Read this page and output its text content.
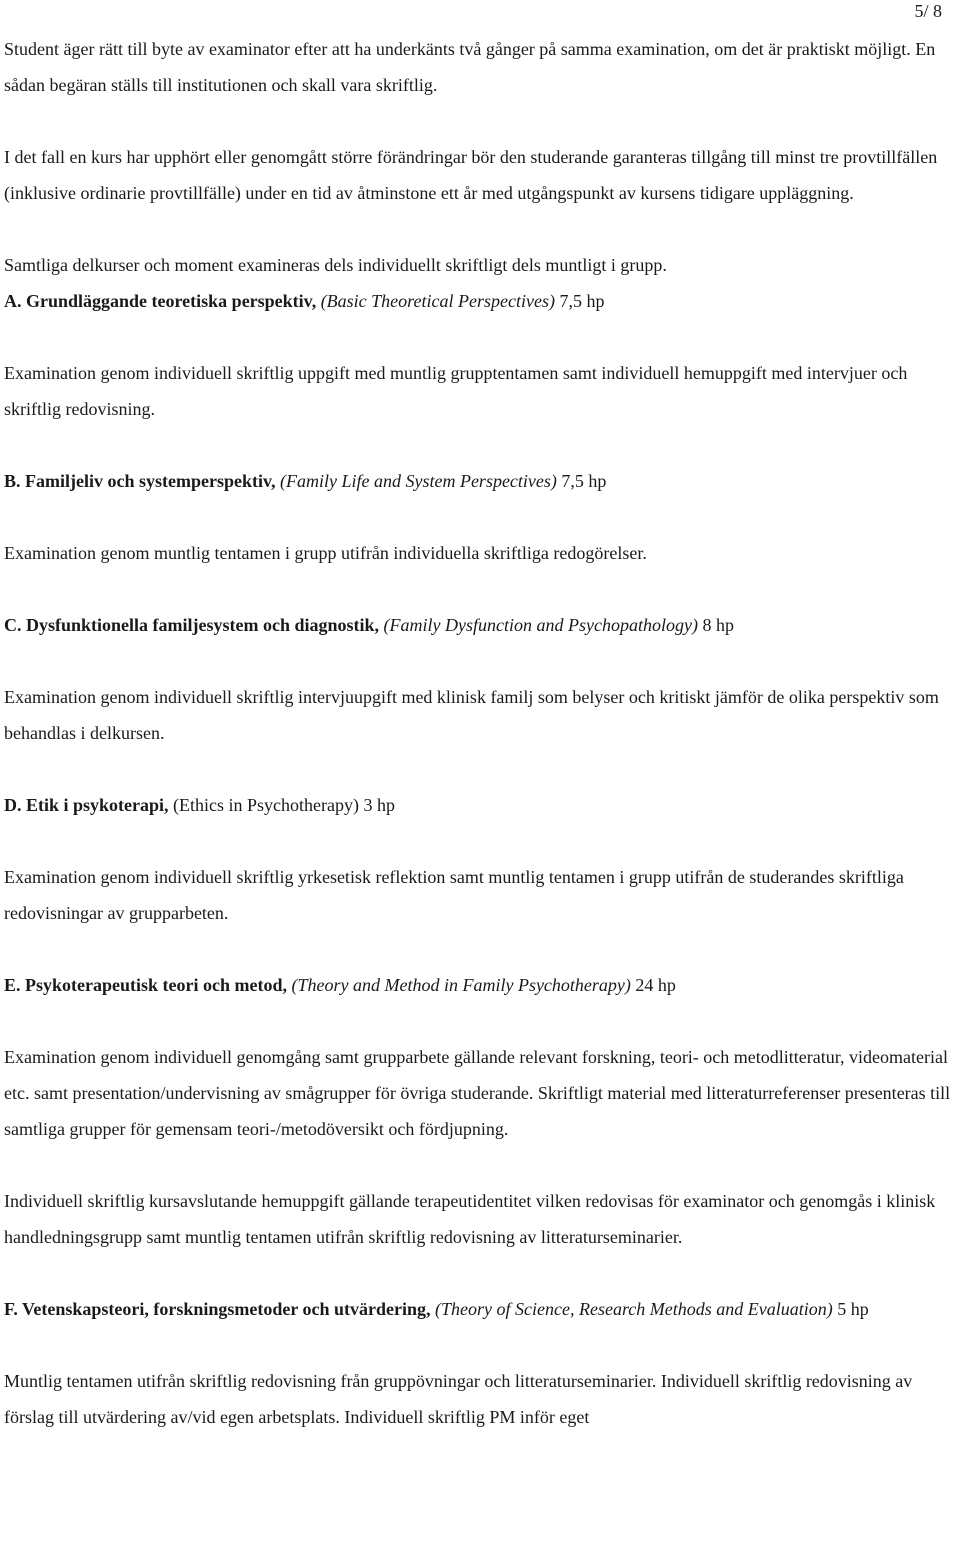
5/ 8

Student äger rätt till byte av examinator efter att ha underkänts två gånger på samma examination, om det är praktiskt möjligt. En sådan begäran ställs till institutionen och skall vara skriftlig.

I det fall en kurs har upphört eller genomgått större förändringar bör den studerande garanteras tillgång till minst tre provtillfällen (inklusive ordinarie provtillfälle) under en tid av åtminstone ett år med utgångspunkt av kursens tidigare uppläggning.

Samtliga delkurser och moment examineras dels individuellt skriftligt dels muntligt i grupp.

A. Grundläggande teoretiska perspektiv, (Basic Theoretical Perspectives) 7,5 hp

Examination genom individuell skriftlig uppgift med muntlig grupptentamen samt individuell hemuppgift med intervjuer och skriftlig redovisning.

B. Familjeliv och systemperspektiv, (Family Life and System Perspectives) 7,5 hp

Examination genom muntlig tentamen i grupp utifrån individuella skriftliga redogörelser.

C. Dysfunktionella familjesystem och diagnostik, (Family Dysfunction and Psychopathology) 8 hp

Examination genom individuell skriftlig intervjuupgift med klinisk familj som belyser och kritiskt jämför de olika perspektiv som behandlas i delkursen.

D. Etik i psykoterapi, (Ethics in Psychotherapy) 3 hp

Examination genom individuell skriftlig yrkesetisk reflektion samt muntlig tentamen i grupp utifrån de studerandes skriftliga redovisningar av grupparbeten.

E. Psykoterapeutisk teori och metod, (Theory and Method in Family Psychotherapy) 24 hp

Examination genom individuell genomgång samt grupparbete gällande relevant forskning, teori- och metodlitteratur, videomaterial etc. samt presentation/undervisning av smågrupper för övriga studerande. Skriftligt material med litteraturreferenser presenteras till samtliga grupper för gemensam teori-/metodöversikt och fördjupning.

Individuell skriftlig kursavslutande hemuppgift gällande terapeutidentitet vilken redovisas för examinator och genomgås i klinisk handledningsgrupp samt muntlig tentamen utifrån skriftlig redovisning av litteraturseminarier.

F. Vetenskapsteori, forskningsmetoder och utvärdering, (Theory of Science, Research Methods and Evaluation) 5 hp

Muntlig tentamen utifrån skriftlig redovisning från gruppövningar och litteraturseminarier. Individuell skriftlig redovisning av förslag till utvärdering av/vid egen arbetsplats. Individuell skriftlig PM inför eget
